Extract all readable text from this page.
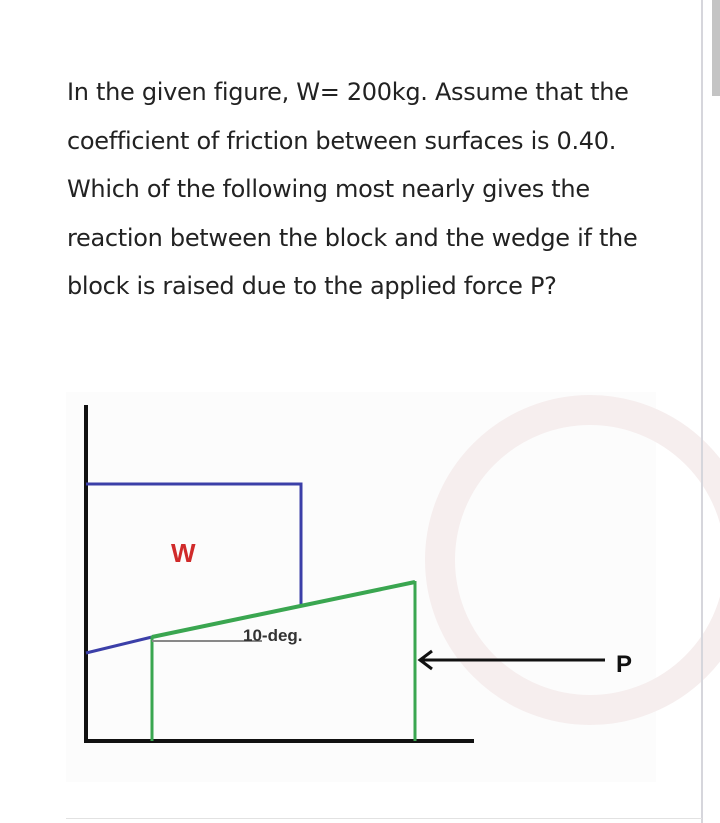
In the given figure, W= 200kg. Assume that the coefficient of friction between surfaces is 0.40. Which of the following most nearly gives the reaction between the block and the wedge if the block is raised due to the applied force P?
10-deg.
W
P
